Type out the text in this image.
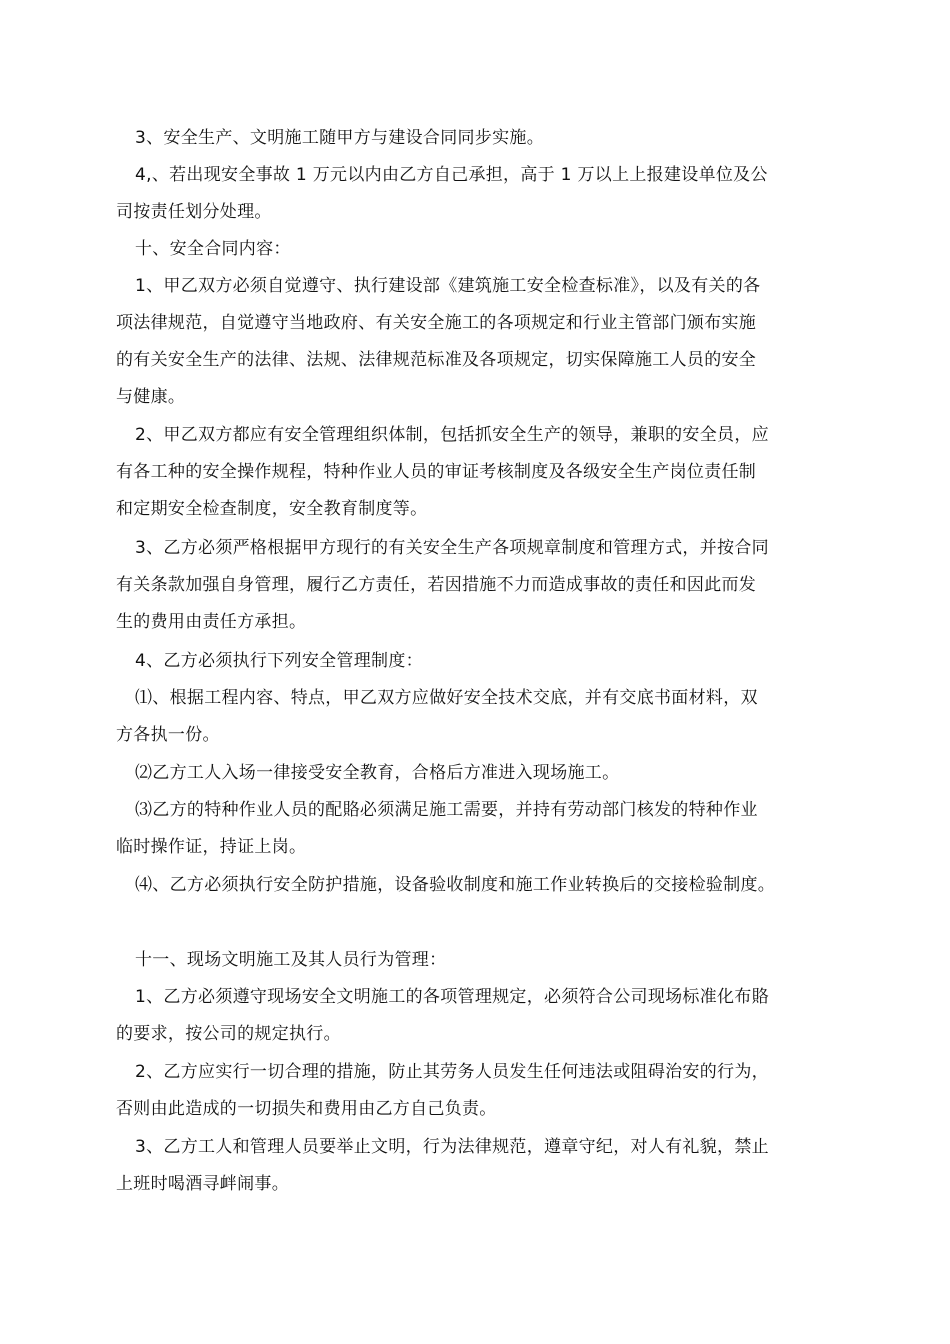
3、安全生产、文明施工随甲方与建设合同同步实施。
4,、若出现安全事故 1 万元以内由乙方自己承担，高于 1 万以上上报建设单位及公
司按责任划分处理。
十、安全合同内容：
1、甲乙双方必须自觉遵守、执行建设部《建筑施工安全检查标准》，以及有关的各
项法律规范，自觉遵守当地政府、有关安全施工的各项规定和行业主管部门颁布实施
的有关安全生产的法律、法规、法律规范标准及各项规定，切实保障施工人员的安全
与健康。
2、甲乙双方都应有安全管理组织体制，包括抓安全生产的领导，兼职的安全员，应
有各工种的安全操作规程，特种作业人员的审证考核制度及各级安全生产岗位责任制
和定期安全检查制度，安全教育制度等。
3、乙方必须严格根据甲方现行的有关安全生产各项规章制度和管理方式，并按合同
有关条款加强自身管理，履行乙方责任，若因措施不力而造成事故的责任和因此而发
生的费用由责任方承担。
4、乙方必须执行下列安全管理制度：
⑴、根据工程内容、特点，甲乙双方应做好安全技术交底，并有交底书面材料，双
方各执一份。
⑵乙方工人入场一律接受安全教育，合格后方准进入现场施工。
⑶乙方的特种作业人员的配賂必须满足施工需要，并持有劳动部门核发的特种作业
临时操作证，持证上岗。
⑷、乙方必须执行安全防护措施，设备验收制度和施工作业转换后的交接检验制度。
十一、现场文明施工及其人员行为管理：
1、乙方必须遵守现场安全文明施工的各项管理规定，必须符合公司现场标准化布賂
的要求，按公司的规定执行。
2、乙方应实行一切合理的措施，防止其劳务人员发生任何违法或阻碍治安的行为，
否则由此造成的一切损失和费用由乙方自己负责。
3、乙方工人和管理人员要举止文明，行为法律规范，遵章守纪，对人有礼貌，禁止
上班时喝酒寻衅闹事。
